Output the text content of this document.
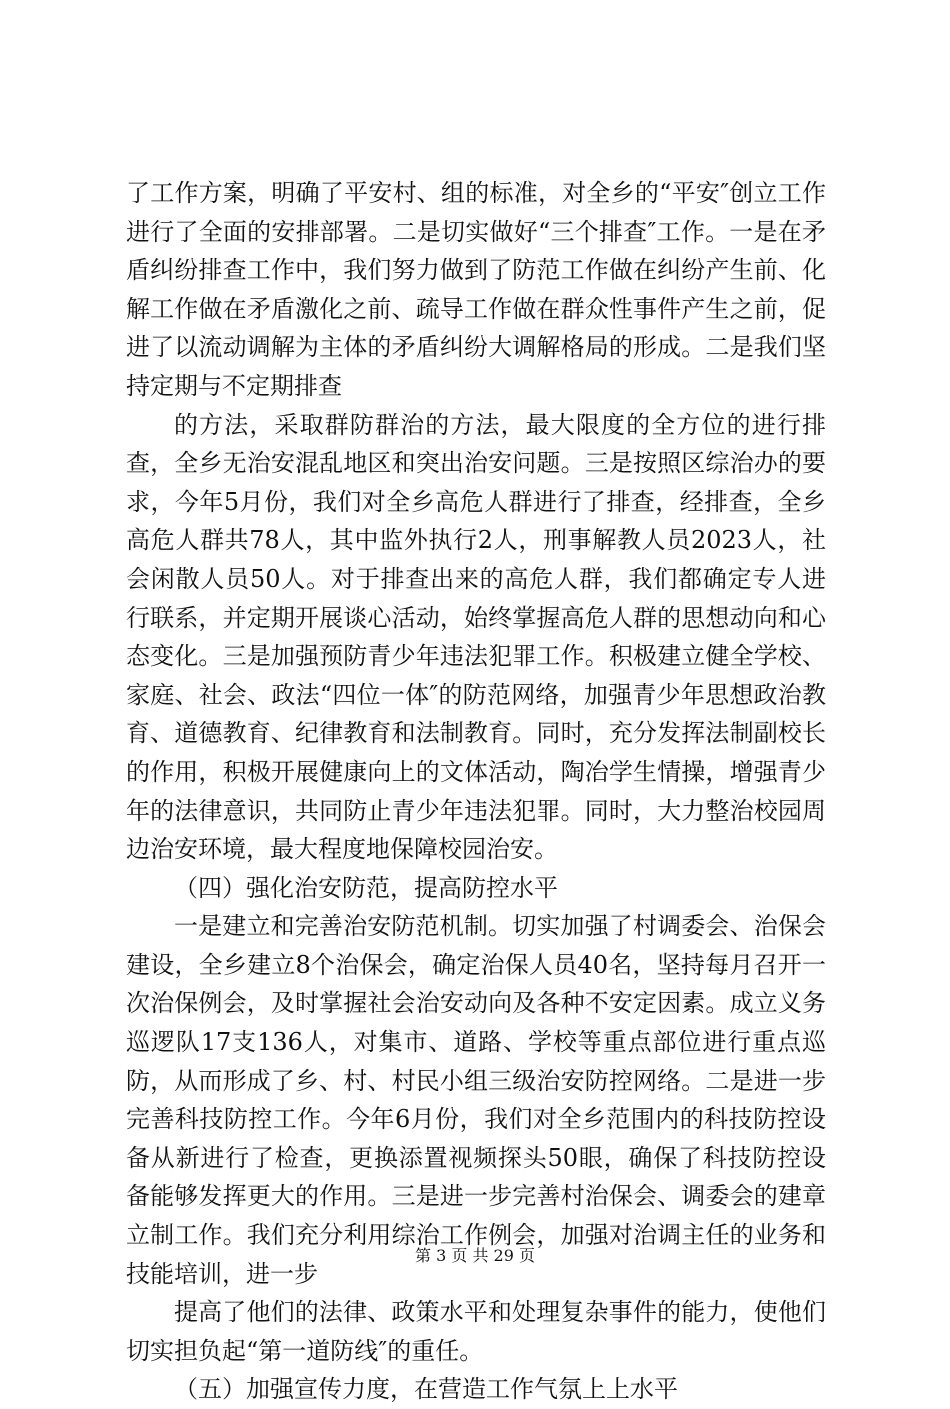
了工作方案，明确了平安村、组的标准，对全乡的“平安″创立工作进行了全面的安排部署。二是切实做好“三个排查″工作。一是在矛盾纠纷排查工作中，我们努力做到了防范工作做在纠纷产生前、化解工作做在矛盾激化之前、疏导工作做在群众性事件产生之前，促进了以流动调解为主体的矛盾纠纷大调解格局的形成。二是我们坚持定期与不定期排查

的方法，采取群防群治的方法，最大限度的全方位的进行排查，全乡无治安混乱地区和突出治安问题。三是按照区综治办的要求，今年5月份，我们对全乡高危人群进行了排查，经排查，全乡高危人群共78人，其中监外执行2人，刑事解教人员2023人，社会闲散人员50人。对于排查出来的高危人群，我们都确定专人进行联系，并定期开展谈心活动，始终掌握高危人群的思想动向和心态变化。三是加强预防青少年违法犯罪工作。积极建立健全学校、家庭、社会、政法“四位一体″的防范网络，加强青少年思想政治教育、道德教育、纪律教育和法制教育。同时，充分发挥法制副校长的作用，积极开展健康向上的文体活动，陶冶学生情操，增强青少年的法律意识，共同防止青少年违法犯罪。同时，大力整治校园周边治安环境，最大程度地保障校园治安。

（四）强化治安防范，提高防控水平

一是建立和完善治安防范机制。切实加强了村调委会、治保会建设，全乡建立8个治保会，确定治保人员40名，坚持每月召开一次治保例会，及时掌握社会治安动向及各种不安定因素。成立义务巡逻队17支136人，对集市、道路、学校等重点部位进行重点巡防，从而形成了乡、村、村民小组三级治安防控网络。二是进一步完善科技防控工作。今年6月份，我们对全乡范围内的科技防控设备从新进行了检查，更换添置视频探头50眼，确保了科技防控设备能够发挥更大的作用。三是进一步完善村治保会、调委会的建章立制工作。我们充分利用综治工作例会，加强对治调主任的业务和技能培训，进一步

提高了他们的法律、政策水平和处理复杂事件的能力，使他们切实担负起“第一道防线″的重任。

（五）加强宣传力度，在营造工作气氛上上水平

第 3 页 共 29 页
